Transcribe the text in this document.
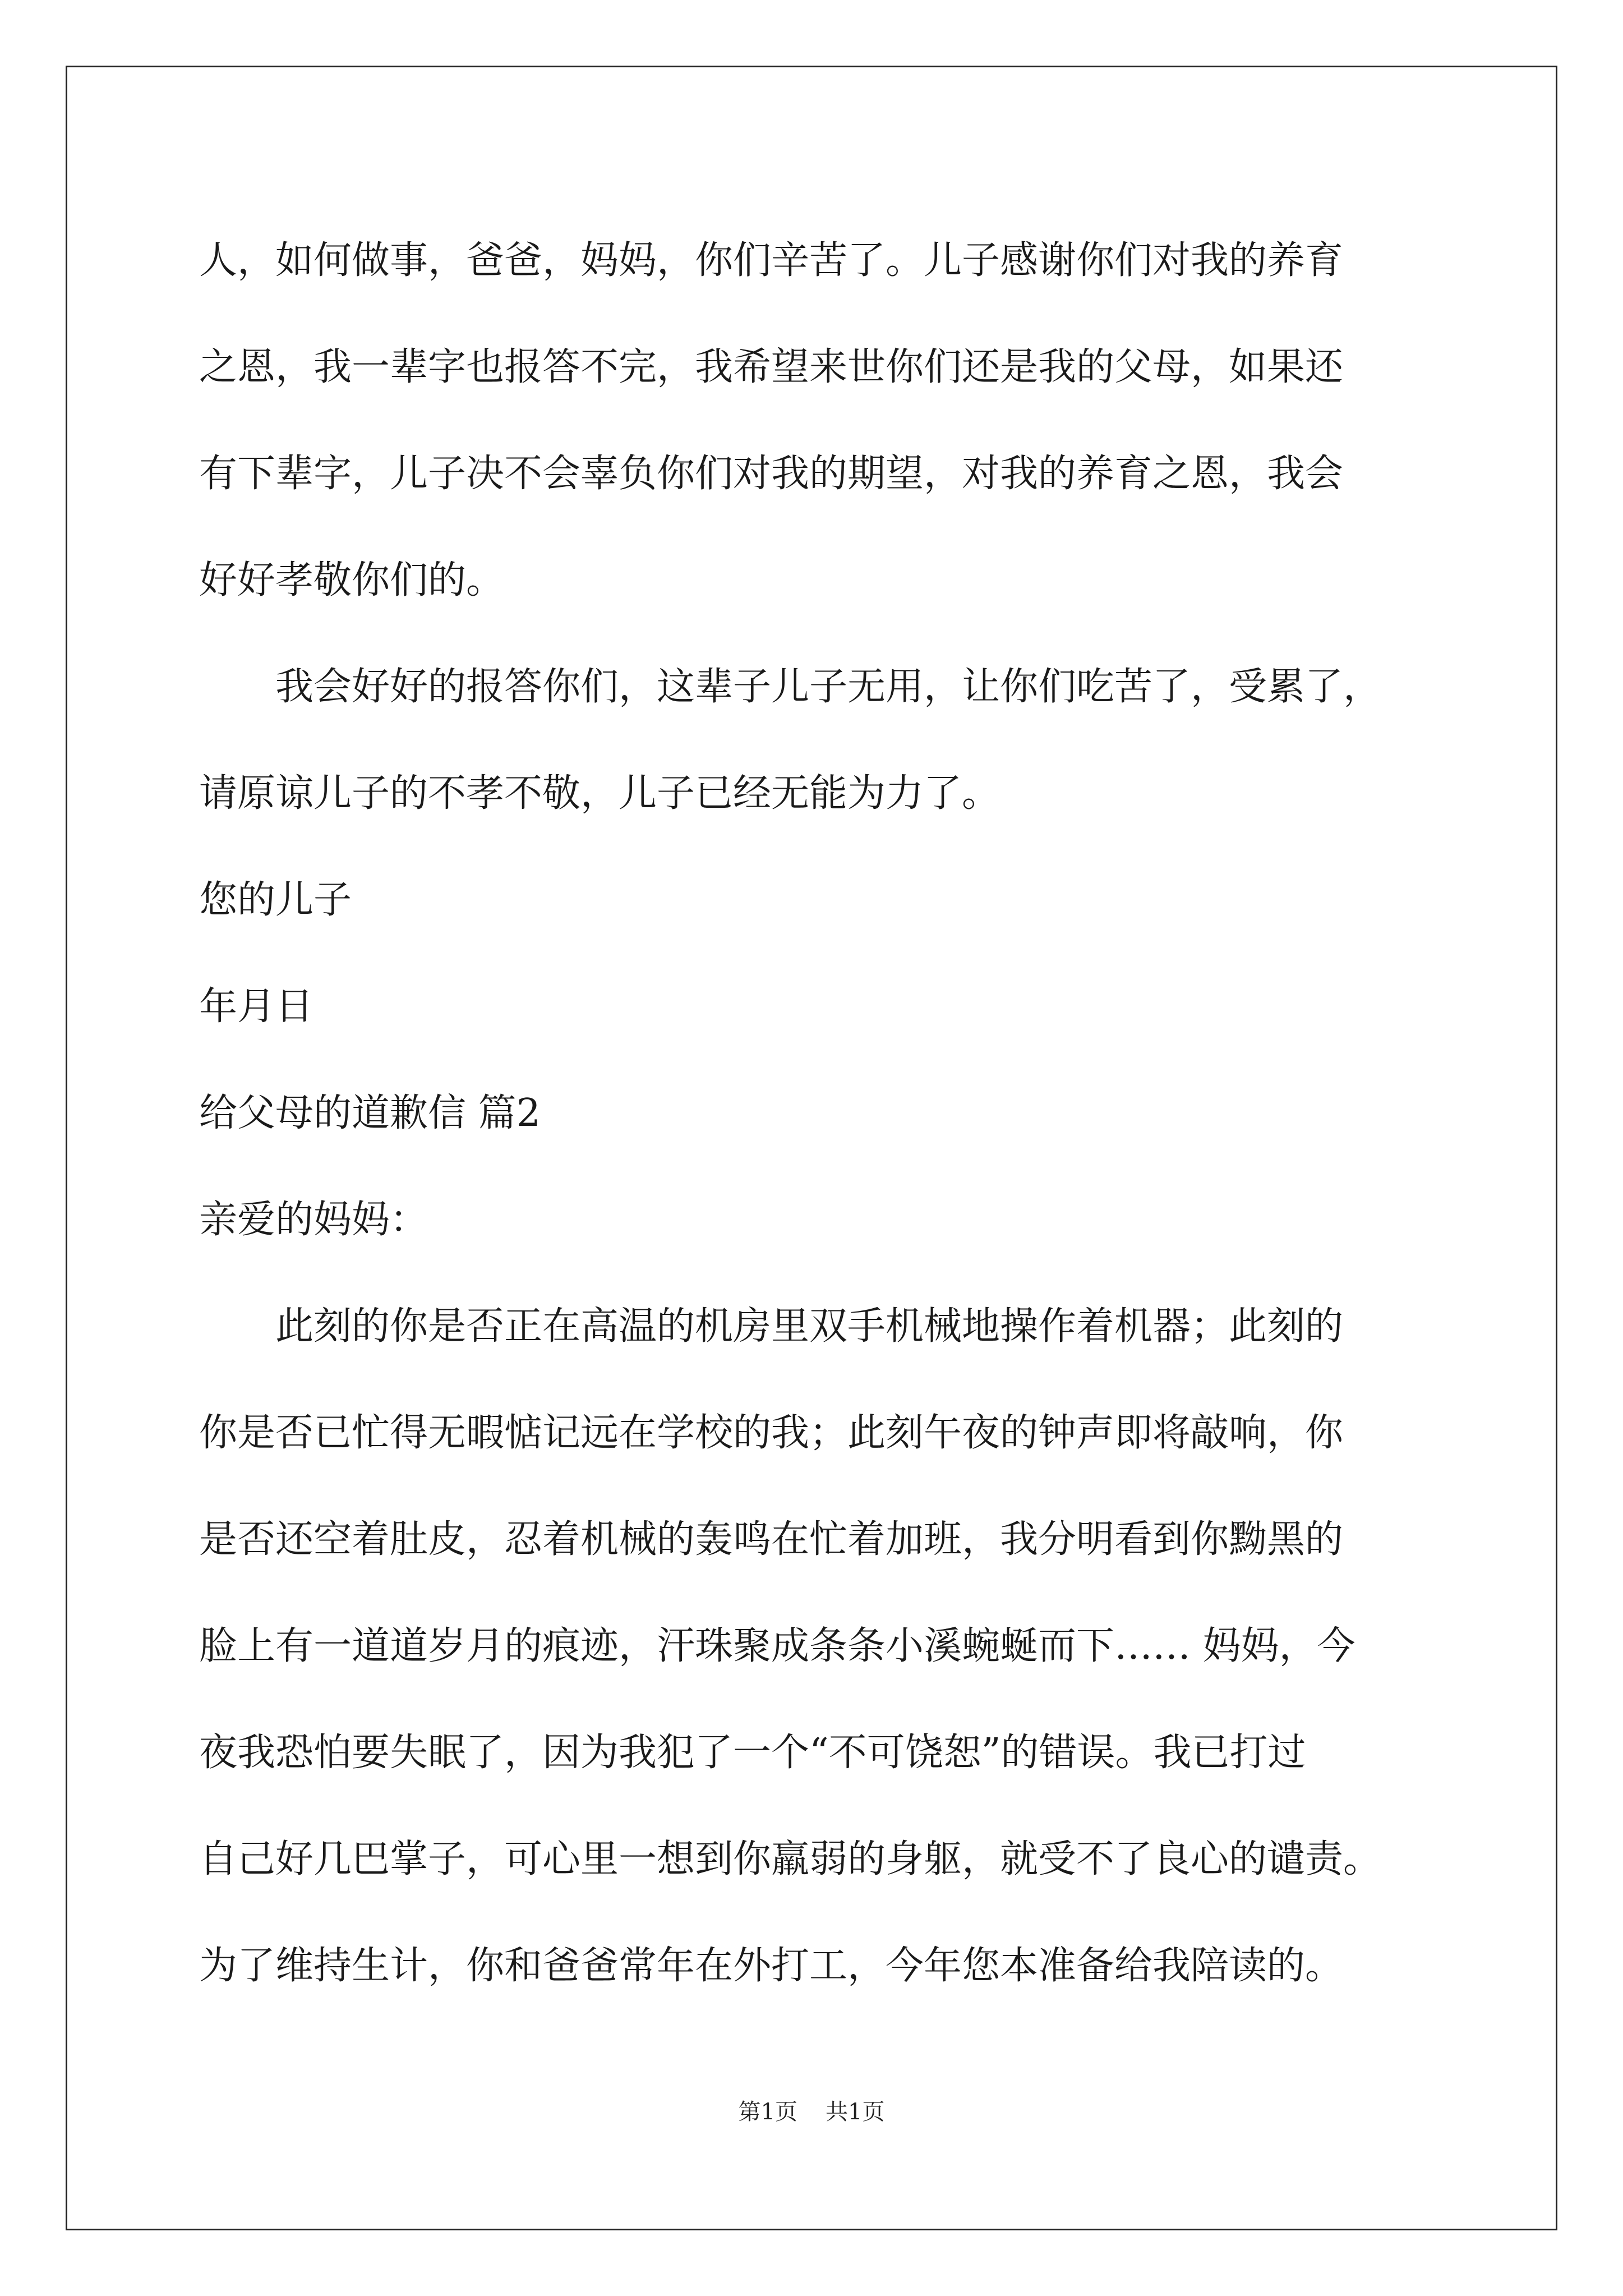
人，如何做事，爸爸，妈妈，你们辛苦了。儿子感谢你们对我的养育
之恩，我一辈字也报答不完，我希望来世你们还是我的父母，如果还
有下辈字，儿子决不会辜负你们对我的期望，对我的养育之恩，我会
好好孝敬你们的。
我会好好的报答你们，这辈子儿子无用，让你们吃苦了，受累了，
请原谅儿子的不孝不敬，儿子已经无能为力了。
您的儿子
年月日
给父母的道歉信 篇2
亲爱的妈妈：
此刻的你是否正在高温的机房里双手机械地操作着机器；此刻的
你是否已忙得无暇惦记远在学校的我；此刻午夜的钟声即将敲响，你
是否还空着肚皮，忍着机械的轰鸣在忙着加班，我分明看到你黝黑的
脸上有一道道岁月的痕迹，汗珠聚成条条小溪蜿蜒而下…… 妈妈，今
夜我恐怕要失眠了，因为我犯了一个“不可饶恕”的错误。我已打过
自己好几巴掌子，可心里一想到你羸弱的身躯，就受不了良心的谴责。
为了维持生计，你和爸爸常年在外打工，今年您本准备给我陪读的。
第1页 共1页
